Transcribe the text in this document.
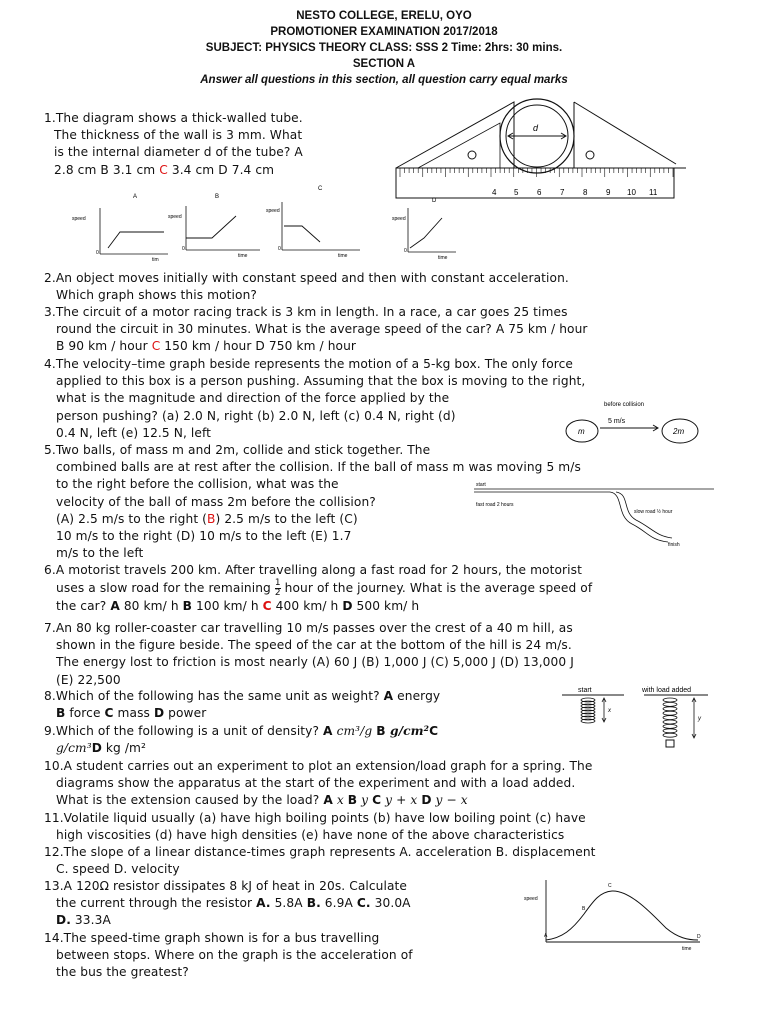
NESTO COLLEGE, ERELU, OYO
PROMOTIONER EXAMINATION 2017/2018
SUBJECT: PHYSICS THEORY CLASS: SSS 2 Time: 2hrs: 30 mins.
SECTION A
Answer all questions in this section, all question carry equal marks
1.The diagram shows a thick-walled tube.
The thickness of the wall is 3 mm. What
is the internal diameter d of the tube? A
2.8 cm B 3.1 cm C 3.4 cm D 7.4 cm
d
4 5 6 7 8 9 10 11
A
speed
0
tim
B
speed
0
time
C
speed
0
time
D
speed
0
time
2.An object moves initially with constant speed and then with constant acceleration.
Which graph shows this motion?
3.The circuit of a motor racing track is 3 km in length. In a race, a car goes 25 times
round the circuit in 30 minutes. What is the average speed of the car? A 75 km / hour
B 90 km / hour C 150 km / hour D 750 km / hour
4.The velocity–time graph beside represents the motion of a 5-kg box. The only force
applied to this box is a person pushing. Assuming that the box is moving to the right,
what is the magnitude and direction of the force applied by the
person pushing? (a) 2.0 N, right (b) 2.0 N, left (c) 0.4 N, right (d)
0.4 N, left (e) 12.5 N, left
before collision
m
5 m/s
2m
5.Two balls, of mass m and 2m, collide and stick together. The
combined balls are at rest after the collision. If the ball of mass m was moving 5 m/s
to the right before the collision, what was the
velocity of the ball of mass 2m before the collision?
(A) 2.5 m/s to the right (B) 2.5 m/s to the left (C)
10 m/s to the right (D) 10 m/s to the left (E) 1.7
m/s to the left
start
fast road 2 hours
slow road ½ hour
finish
6.A motorist travels 200 km. After travelling along a fast road for 2 hours, the motorist
uses a slow road for the remaining $\frac{1}{2}$ hour of the journey. What is the average speed of
the car? A 80 km/ h B 100 km/ h C 400 km/ h D 500 km/ h
7.An 80 kg roller-coaster car travelling 10 m/s passes over the crest of a 40 m hill, as
shown in the figure beside. The speed of the car at the bottom of the hill is 24 m/s.
The energy lost to friction is most nearly (A) 60 J (B) 1,000 J (C) 5,000 J (D) 13,000 J
(E) 22,500
start
x
with load added
y
8.Which of the following has the same unit as weight? A energy
B force C mass D power
9.Which of the following is a unit of density? A cm³/g B g/cm²C
g/cm³D kg /m²
10.A student carries out an experiment to plot an extension/load graph for a spring. The
diagrams show the apparatus at the start of the experiment and with a load added.
What is the extension caused by the load? A x B y C y + x D y − x
11.Volatile liquid usually (a) have high boiling points (b) have low boiling point (c) have
high viscosities (d) have high densities (e) have none of the above characteristics
12.The slope of a linear distance-times graph represents A. acceleration B. displacement
C. speed D. velocity
13.A 120Ω resistor dissipates 8 kJ of heat in 20s. Calculate
the current through the resistor A. 5.8A B. 6.9A C. 30.0A
D. 33.3A
speed
time
A
B
C
D
14.The speed-time graph shown is for a bus travelling
between stops. Where on the graph is the acceleration of
the bus the greatest?
